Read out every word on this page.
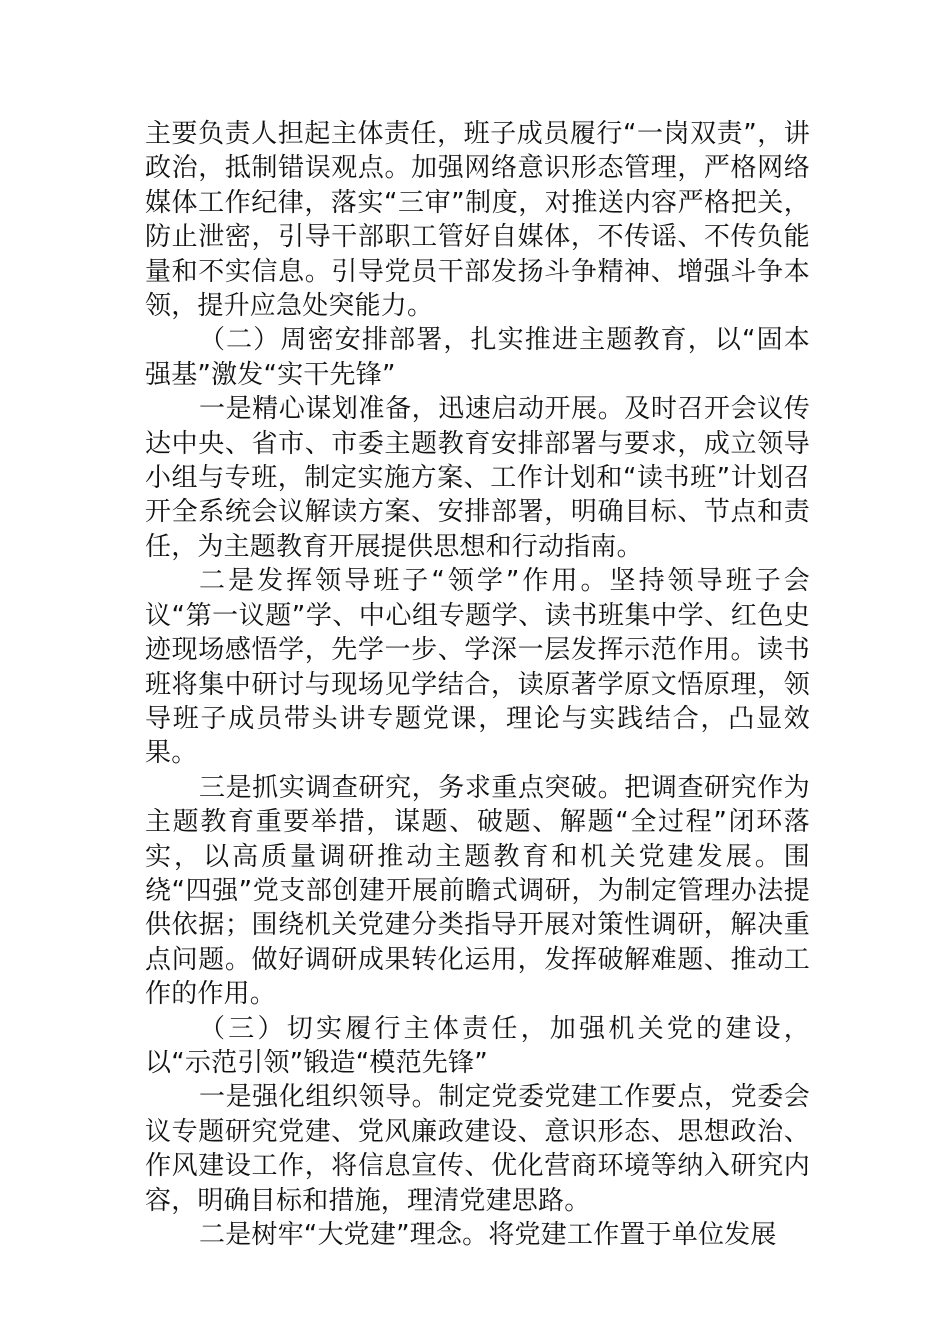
主要负责人担起主体责任，班子成员履行“一岗双责”，讲政治，抵制错误观点。加强网络意识形态管理，严格网络媒体工作纪律，落实“三审”制度，对推送内容严格把关，防止泄密，引导干部职工管好自媒体，不传谣、不传负能量和不实信息。引导党员干部发扬斗争精神、增强斗争本领，提升应急处突能力。

（二）周密安排部署，扎实推进主题教育，以“固本强基”激发“实干先锋”

一是精心谋划准备，迅速启动开展。及时召开会议传达中央、省市、市委主题教育安排部署与要求，成立领导小组与专班，制定实施方案、工作计划和“读书班”计划召开全系统会议解读方案、安排部署，明确目标、节点和责任，为主题教育开展提供思想和行动指南。

二是发挥领导班子“领学”作用。坚持领导班子会议“第一议题”学、中心组专题学、读书班集中学、红色史迹现场感悟学，先学一步、学深一层发挥示范作用。读书班将集中研讨与现场见学结合，读原著学原文悟原理，领导班子成员带头讲专题党课，理论与实践结合，凸显效果。

三是抓实调查研究，务求重点突破。把调查研究作为主题教育重要举措，谋题、破题、解题“全过程”闭环落实，以高质量调研推动主题教育和机关党建发展。围绕“四强”党支部创建开展前瞻式调研，为制定管理办法提供依据；围绕机关党建分类指导开展对策性调研，解决重点问题。做好调研成果转化运用，发挥破解难题、推动工作的作用。

（三）切实履行主体责任，加强机关党的建设，以“示范引领”锻造“模范先锋”

一是强化组织领导。制定党委党建工作要点，党委会议专题研究党建、党风廉政建设、意识形态、思想政治、作风建设工作，将信息宣传、优化营商环境等纳入研究内容，明确目标和措施，理清党建思路。

二是树牢“大党建”理念。将党建工作置于单位发展
